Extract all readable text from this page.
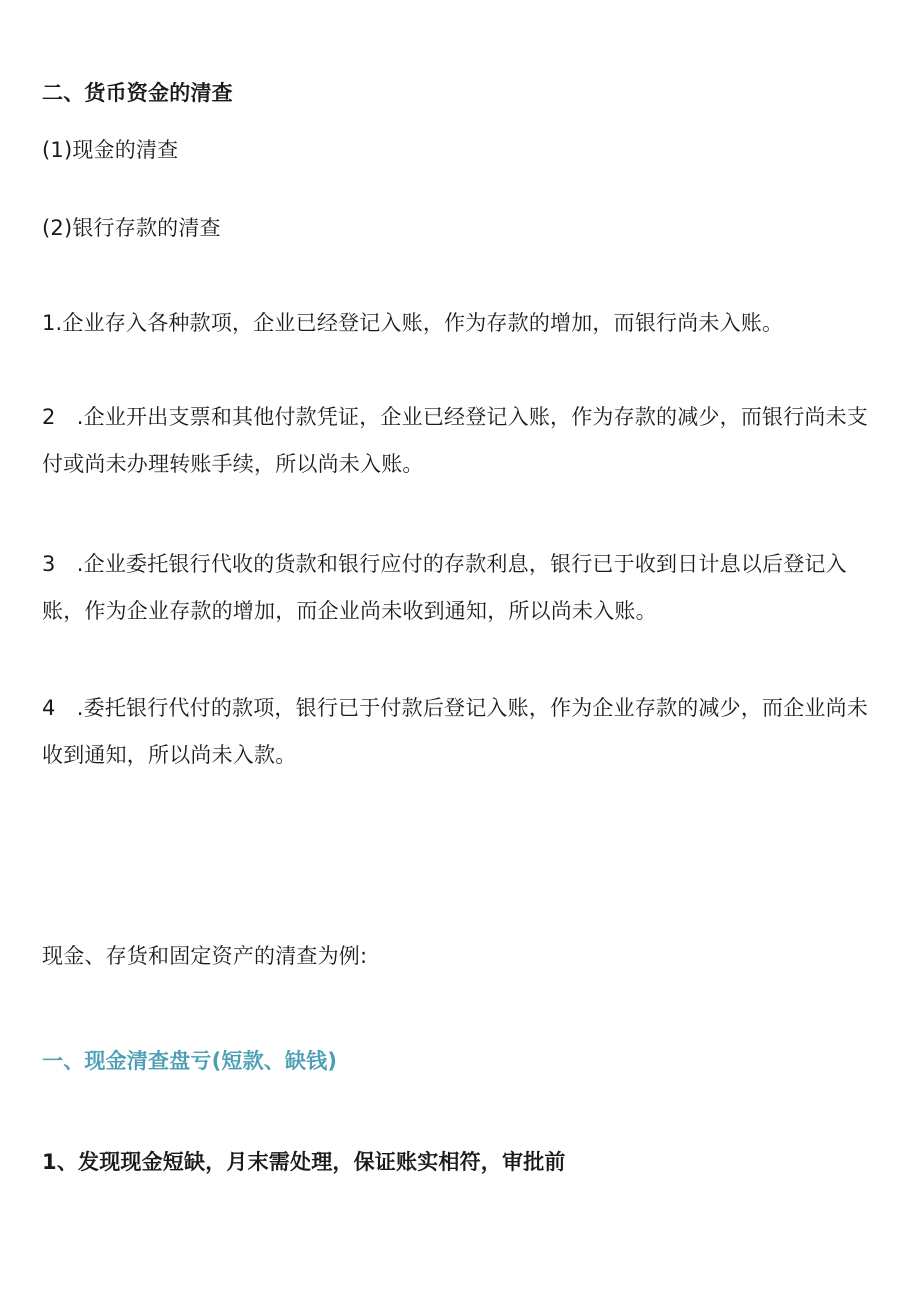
二、货币资金的清查

(1)现金的清查

(2)银行存款的清查

1.企业存入各种款项，企业已经登记入账，作为存款的增加，而银行尚未入账。

2　.企业开出支票和其他付款凭证，企业已经登记入账，作为存款的减少，而银行尚未支付或尚未办理转账手续，所以尚未入账。

3　.企业委托银行代收的货款和银行应付的存款利息，银行已于收到日计息以后登记入账，作为企业存款的增加，而企业尚未收到通知，所以尚未入账。

4　.委托银行代付的款项，银行已于付款后登记入账，作为企业存款的减少，而企业尚未收到通知，所以尚未入款。

现金、存货和固定资产的清查为例:

一、现金清查盘亏(短款、缺钱)

1、发现现金短缺，月末需处理，保证账实相符，审批前
